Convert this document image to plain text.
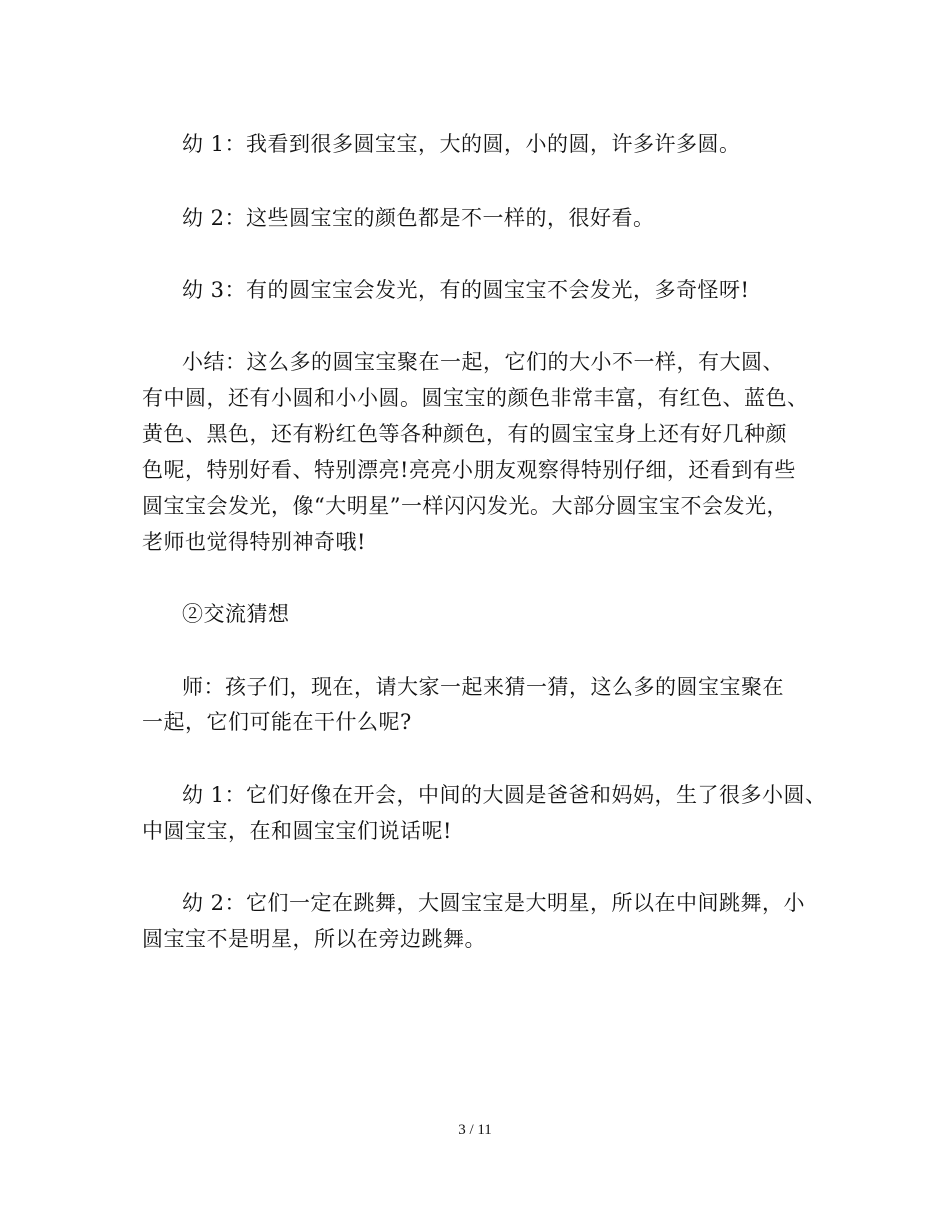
幼 1：我看到很多圆宝宝，大的圆，小的圆，许多许多圆。
幼 2：这些圆宝宝的颜色都是不一样的，很好看。
幼 3：有的圆宝宝会发光，有的圆宝宝不会发光，多奇怪呀!
小结：这么多的圆宝宝聚在一起，它们的大小不一样，有大圆、
有中圆，还有小圆和小小圆。圆宝宝的颜色非常丰富，有红色、蓝色、
黄色、黑色，还有粉红色等各种颜色，有的圆宝宝身上还有好几种颜
色呢，特别好看、特别漂亮!亮亮小朋友观察得特别仔细，还看到有些
圆宝宝会发光，像“大明星”一样闪闪发光。大部分圆宝宝不会发光，
老师也觉得特别神奇哦!
②交流猜想
师：孩子们，现在，请大家一起来猜一猜，这么多的圆宝宝聚在
一起，它们可能在干什么呢?
幼 1：它们好像在开会，中间的大圆是爸爸和妈妈，生了很多小圆、
中圆宝宝，在和圆宝宝们说话呢!
幼 2：它们一定在跳舞，大圆宝宝是大明星，所以在中间跳舞，小
圆宝宝不是明星，所以在旁边跳舞。
3 / 11
